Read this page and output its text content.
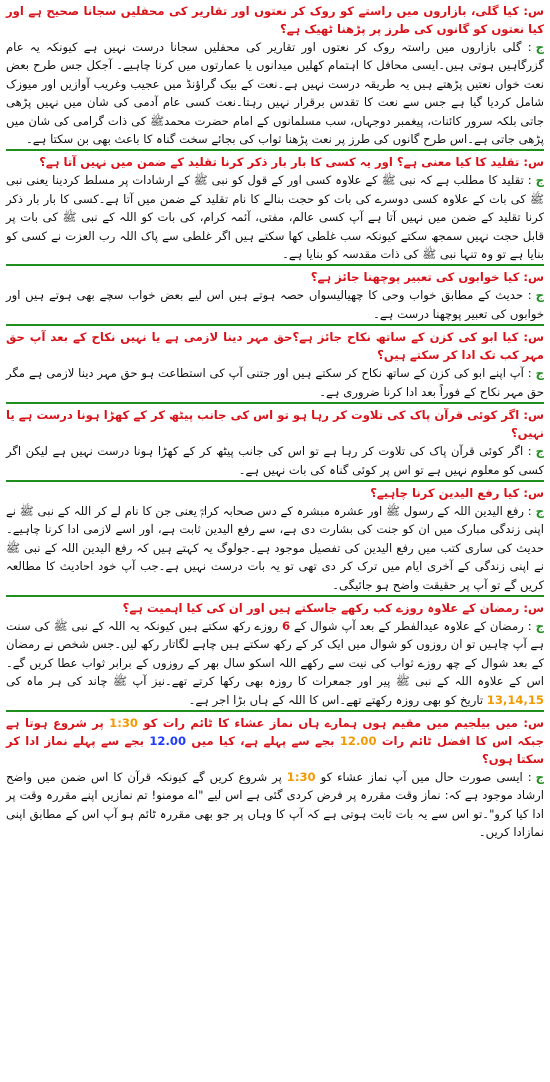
س: کیا گلی، بازاروں میں راستے کو روک کر نعتوں اور تقاریر کی محفلیں سجانا صحیح ہے اور کیا نعتوں کو گانوں کی طرز پر پڑھنا ٹھیک ہے؟

ج: گلی بازاروں میں راستہ روک کر نعتوں اور تقاریر کی محفلیں سجانا درست نہیں ہے کیونکہ یہ عام گزرگاہیں ہوتی ہیں۔ایسی محافل کا اہتمام کھلیں میدانوں یا عمارتوں میں کرنا چاہیے۔ آجکل جس طرح بعض نعت خواں نعتیں پڑھتے ہیں یہ طریقہ درست نہیں ہے۔نعت کے بیک گراؤنڈ میں عجیب وغریب آوازیں اور میوزک شامل کردیا گیا ہے جس سے نعت کا تقدس برقرار نہیں رہتا۔نعت کسی عام آدمی کی شان میں نہیں پڑھی جاتی بلکہ سرور کائنات، پیغمبر دوجہاں، سب مسلمانوں کے امام حضرت محمدﷺ کی ذات گرامی کی شان میں پڑھی جاتی ہے۔اس طرح گانوں کی طرز پر نعت پڑھنا ثواب کی بجائے سخت گناہ کا باعث بھی بن سکتا ہے۔

س: تقلید کا کیا معنی ہے؟ اور یہ کسی کا بار بار ذکر کرنا تقلید کے ضمن میں نہیں آتا ہے؟

ج: تقلید کا مطلب ہے کہ نبی ﷺ کے علاوہ کسی اور کے قول کو نبی ﷺ کے ارشادات پر مسلط کردینا یعنی نبی ﷺ کی بات کے علاوہ کسی دوسرے کی بات کو حجت بنالے کا نام تقلید کے ضمن میں آتا ہے۔کسی کا بار بار ذکر کرنا تقلید کے ضمن میں نہیں آتا ہے آپ کسی عالم، مفتی، آئمہ کرام، کی بات کو اللہ کے نبی ﷺ کی بات پر قابل حجت نہیں سمجھ سکتے کیونکہ سب غلطی کھا سکتے ہیں اگر غلطی سے پاک اللہ رب العزت نے کسی کو بنایا ہے تو وہ تنہا نبی ﷺ کی ذات مقدسہ کو بنایا ہے۔

س: کیا خوابوں کی تعبیر پوچھنا جائز ہے؟

ج: حدیث کے مطابق خواب وحی کا چھیالیسواں حصہ ہوتے ہیں اس لیے بعض خواب سچے بھی ہوتے ہیں اور خوابوں کی تعبیر پوچھنا درست ہے۔

س: کیا ابو کی کزن کے ساتھ نکاح جائز ہے؟حق مہر دینا لازمی ہے یا نہیں نکاح کے بعد آپ حق مہر کب تک ادا کر سکتے ہیں؟

ج: آپ اپنے ابو کی کزن کے ساتھ نکاح کر سکتے ہیں اور جتنی آپ کی استطاعت ہو حق مہر دینا لازمی ہے مگر حق مہر نکاح کے فوراً بعد ادا کرنا ضروری ہے۔

س: اگر کوئی قرآن پاک کی تلاوت کر رہا ہو تو اس کی جانب پیٹھ کر کے کھڑا ہونا درست ہے یا نہیں؟

ج: اگر کوئی قرآن پاک کی تلاوت کر رہا ہے تو اس کی جانب پیٹھ کر کے کھڑا ہونا درست نہیں ہے لیکن اگر کسی کو معلوم نہیں ہے تو اس پر کوئی گناہ کی بات نہیں ہے۔

س: کیا رفع الیدین کرنا چاہیے؟

ج: رفع الیدین اللہ کے رسول ﷺ اور عشرہ مبشرہ کے دس صحابہ کرامؓ یعنی جن کا نام لے کر اللہ کے نبی ﷺ نے اپنی زندگی مبارک میں ان کو جنت کی بشارت دی ہے، سے رفع الیدین ثابت ہے، اور اسے لازمی ادا کرنا چاہیے۔حدیث کی ساری کتب میں رفع الیدین کی تفصیل موجود ہے۔جولوگ یہ کہتے ہیں کہ رفع الیدین اللہ کے نبی ﷺ نے اپنی زندگی کے آخری ایام میں ترک کر دی تھی تو یہ بات درست نہیں ہے۔جب آپ خود احادیث کا مطالعہ کریں گے تو آپ پر حقیقت واضح ہو جائیگی۔

س: رمضان کے علاوہ روزے کب رکھے جاسکتے ہیں اور ان کی کیا اہمیت ہے؟

ج: رمضان کے علاوہ عیدالفطر کے بعد آپ شوال کے 6 روزے رکھ سکتے ہیں کیونکہ یہ اللہ کے نبی ﷺ کی سنت ہے آپ چاہیں تو ان روزوں کو شوال میں ایک کر کے رکھ سکتے ہیں چاہے لگاتار رکھ لیں۔جس شخص نے رمضان کے بعد شوال کے چھ روزے ثواب کی نیت سے رکھے اللہ اسکو سال بھر کے روزوں کے برابر ثواب عطا کریں گے۔اس کے علاوہ اللہ کے نبی ﷺ پیر اور جمعرات کا روزہ بھی رکھا کرتے تھے۔نیز آپ ﷺ چاند کی ہر ماہ کی 13,14,15 تاریخ کو بھی روزہ رکھتے تھے۔اس کا اللہ کے ہاں بڑا اجر ہے۔

س: میں بیلجیم میں مقیم ہوں ہمارے ہاں نماز عشاء کا ٹائم رات کو 1:30 پر شروع ہوتا ہے جبکہ اس کا افضل ٹائم رات 12.00 بجے سے پہلے ہے، کیا میں 12.00 بجے سے پہلے نماز ادا کر سکتا ہوں؟

ج: ایسی صورت حال میں آپ نماز عشاء کو 1:30 پر شروع کریں گے کیونکہ قرآن کا اس ضمن میں واضح ارشاد موجود ہے کہ: نماز وقت مقررہ پر فرض کردی گئی ہے اس لیے "اے مومنو! تم نمازیں اپنے مقررہ وقت پر ادا کیا کرو"۔تو اس سے یہ بات ثابت ہوتی ہے کہ آپ کا وہاں پر جو بھی مقررہ ٹائم ہو آپ اس کے مطابق اپنی نمازادا کریں۔
